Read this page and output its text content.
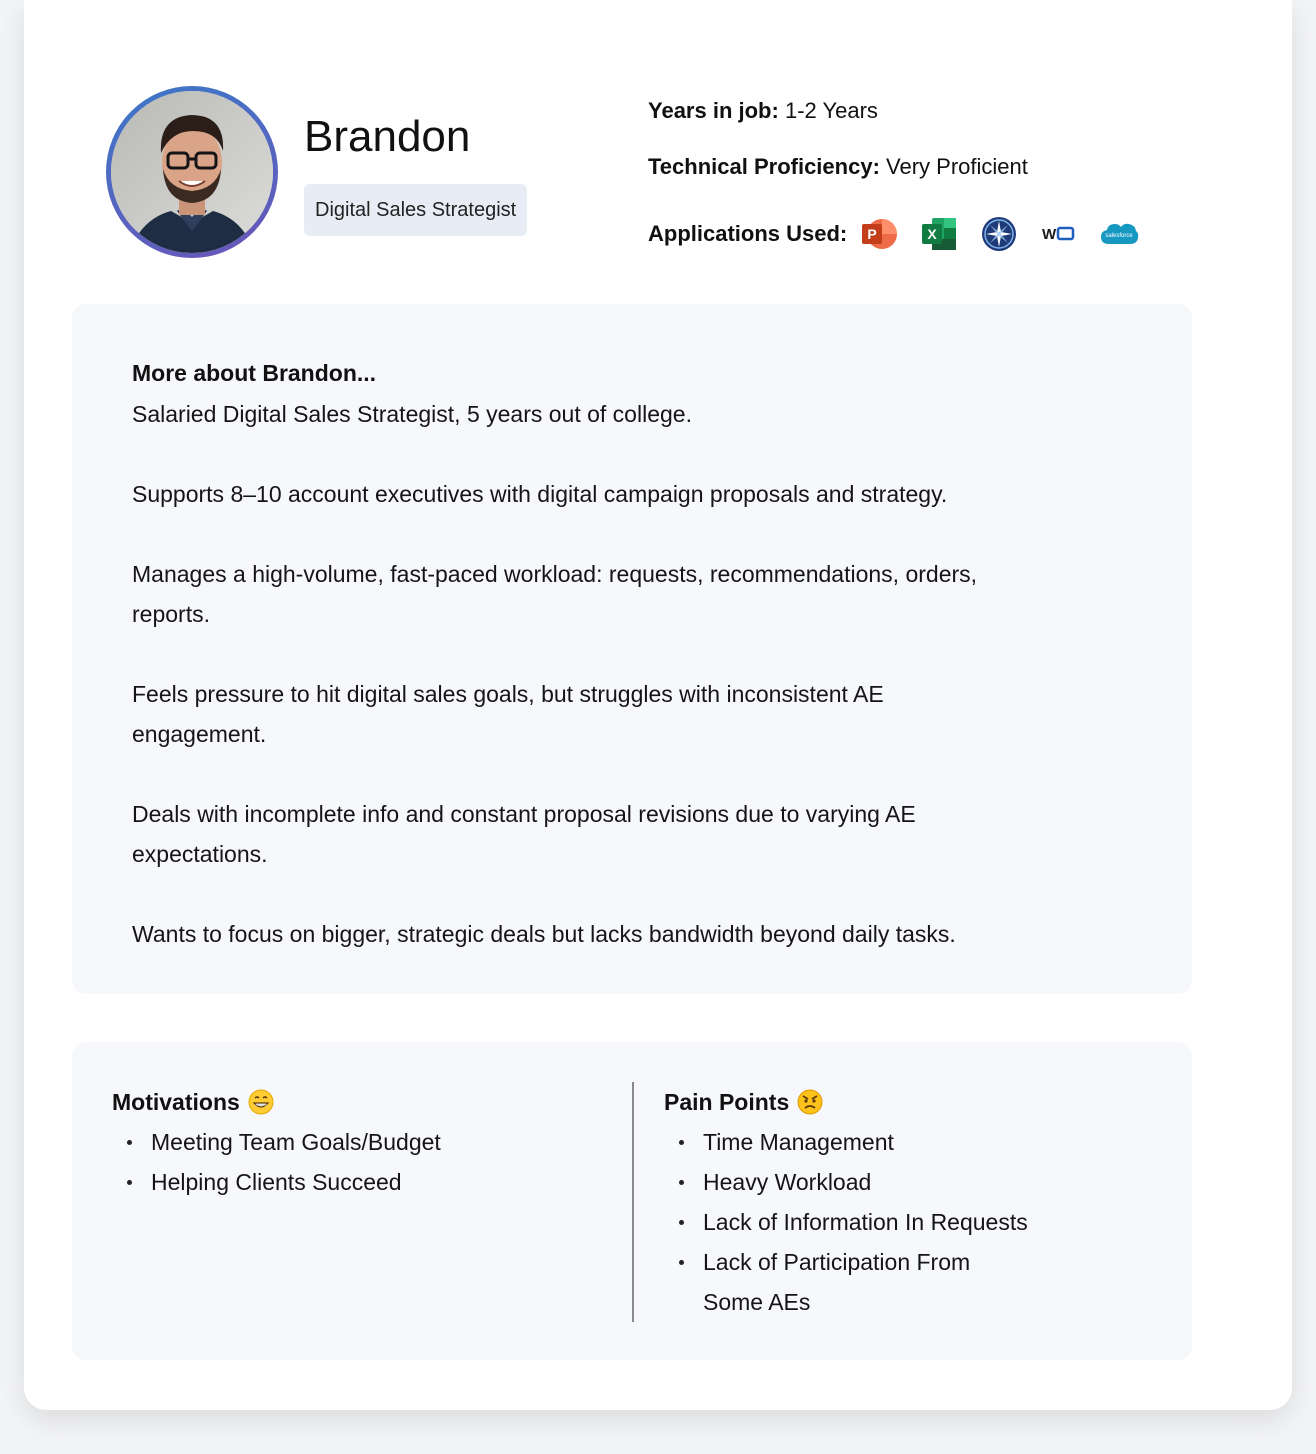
Brandon
Digital Sales Strategist
Years in job: 1-2 Years
Technical Proficiency: Very Proficient
Applications Used: P	X	W	salesforce
More about Brandon...

Salaried Digital Sales Strategist, 5 years out of college.

Supports 8–10 account executives with digital campaign proposals and strategy.

Manages a high-volume, fast-paced workload: requests, recommendations, orders, reports.

Feels pressure to hit digital sales goals, but struggles with inconsistent AE engagement.

Deals with incomplete info and constant proposal revisions due to varying AE expectations.

Wants to focus on bigger, strategic deals but lacks bandwidth beyond daily tasks.

Motivations
Meeting Team Goals/Budget
Helping Clients Succeed
Pain Points
Time Management
Heavy Workload
Lack of Information In Requests
Lack of Participation From Some AEs
